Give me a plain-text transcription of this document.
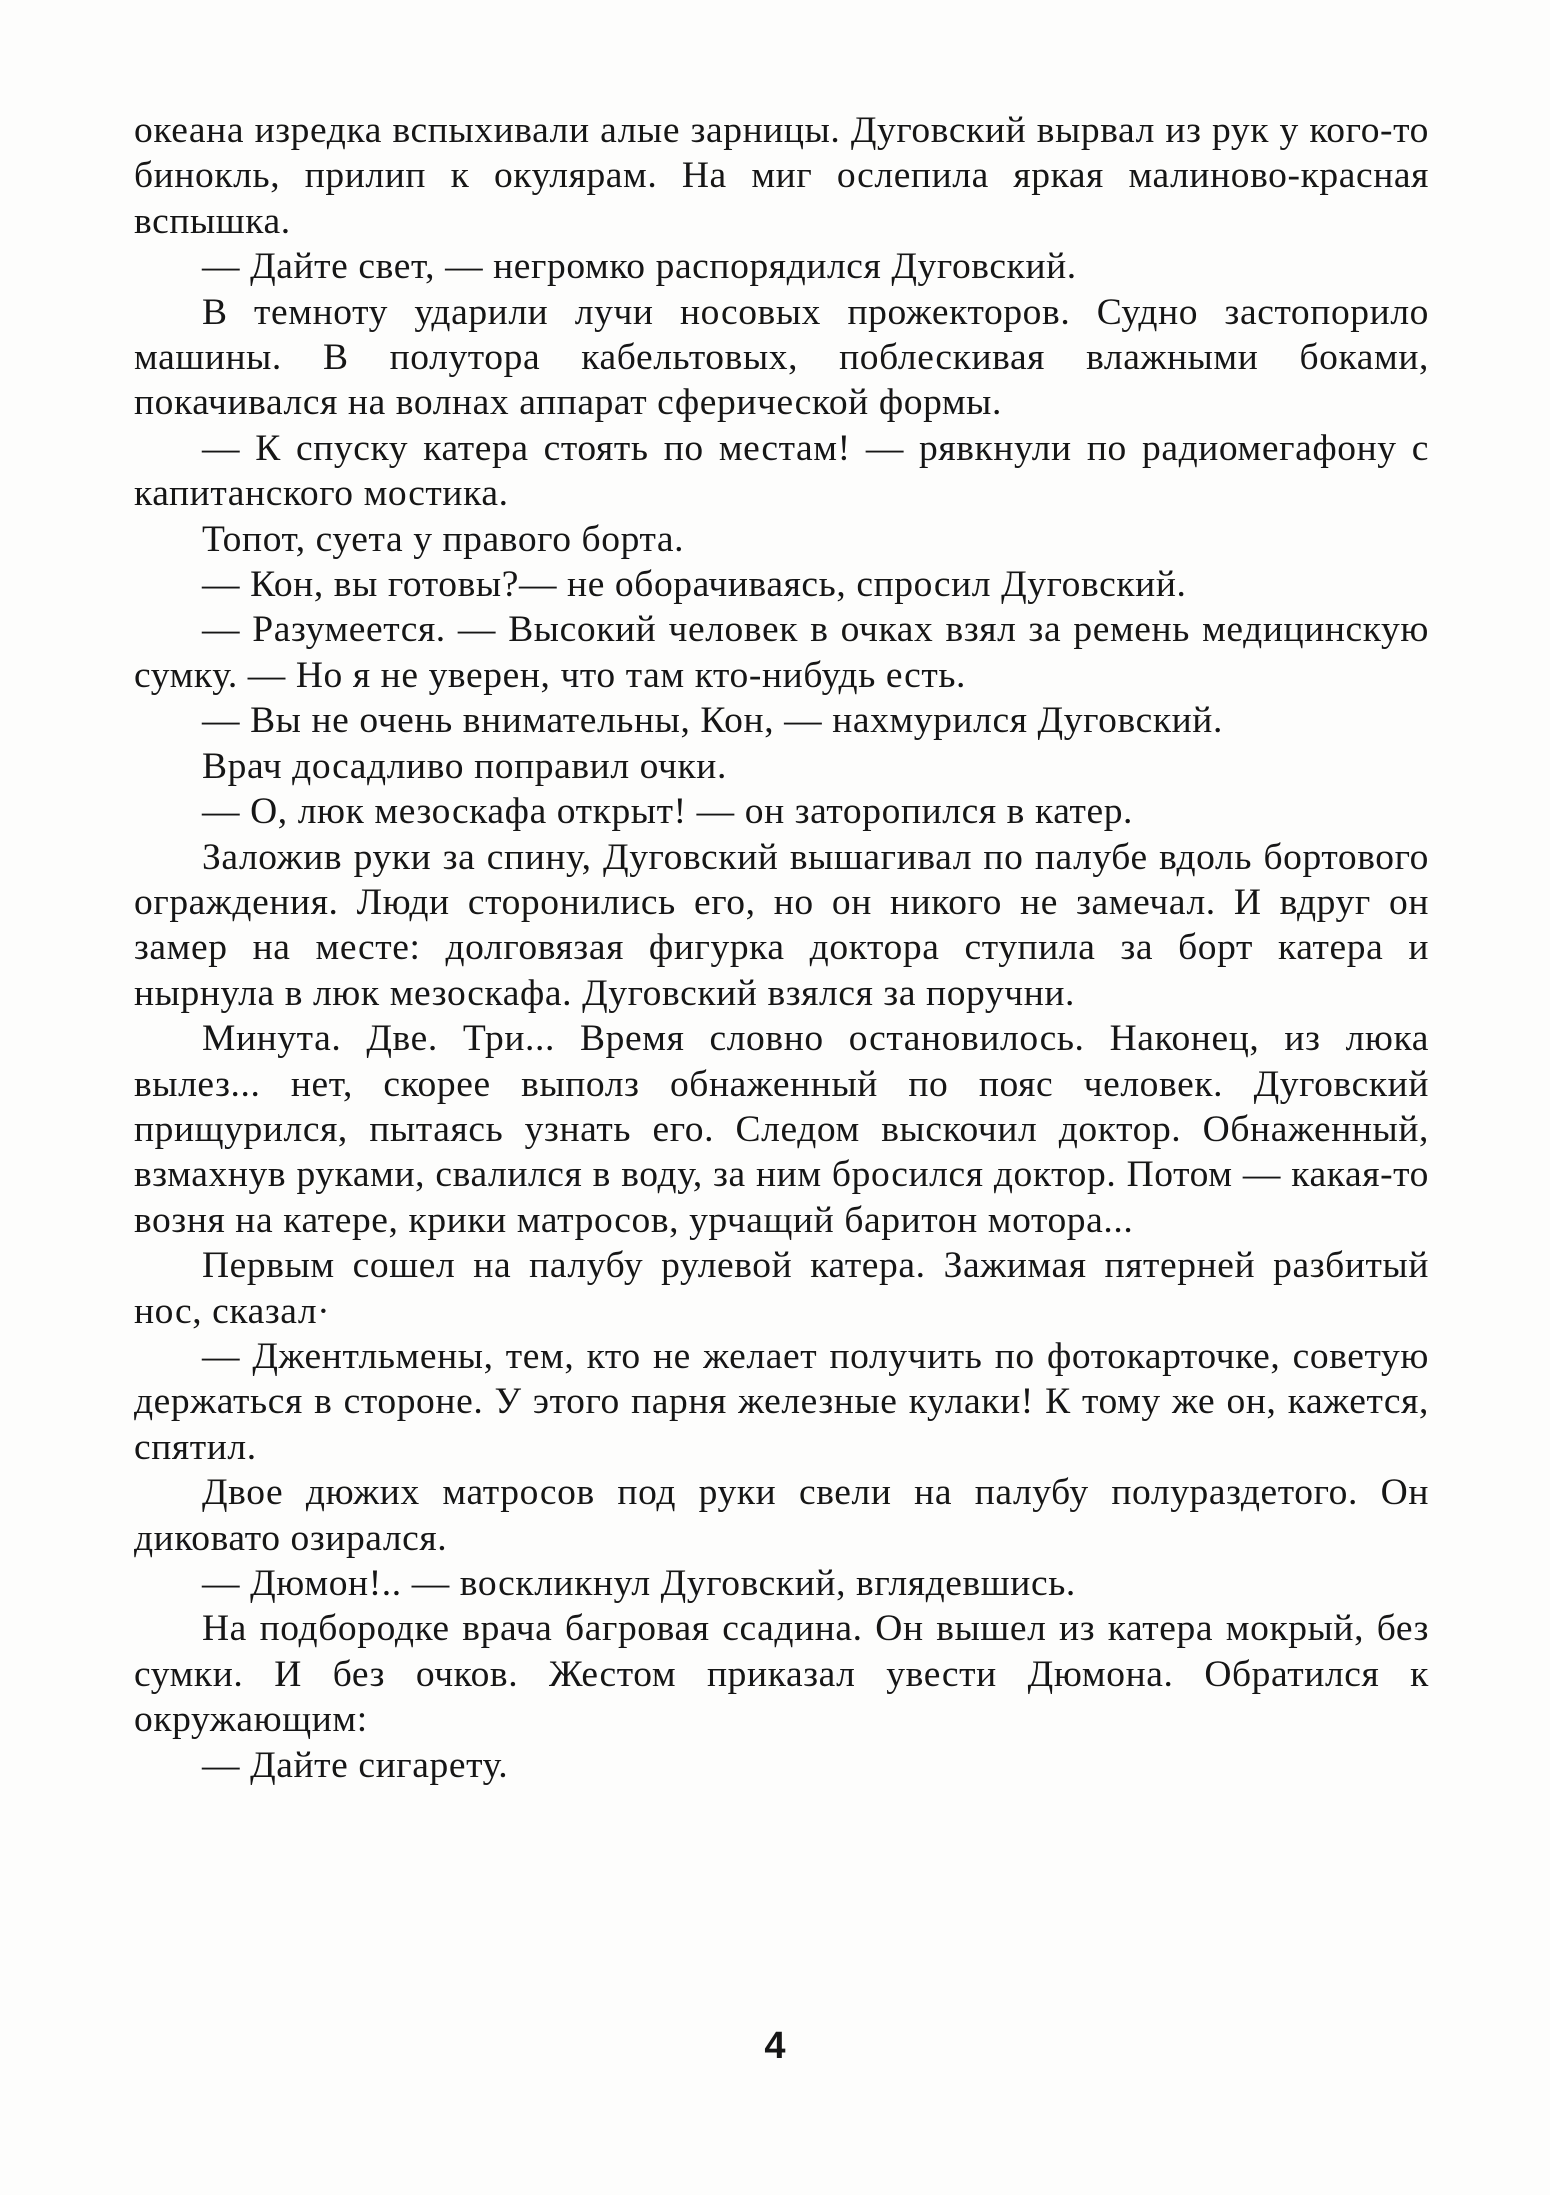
океана изредка вспыхивали алые зарницы. Дуговский вырвал из рук у кого-то бинокль, прилип к окулярам. На миг ослепила яркая малиново-красная вспышка.

— Дайте свет, — негромко распорядился Дуговский.

В темноту ударили лучи носовых прожекторов. Судно застопорило машины. В полутора кабельтовых, поблескивая влажными боками, покачивался на волнах аппарат сферической формы.

— К спуску катера стоять по местам! — рявкнули по радиомегафону с капитанского мостика.

Топот, суета у правого борта.

— Кон, вы готовы?— не оборачиваясь, спросил Дуговский.

— Разумеется. — Высокий человек в очках взял за ремень медицинскую сумку. — Но я не уверен, что там кто-нибудь есть.

— Вы не очень внимательны, Кон, — нахмурился Дуговский.

Врач досадливо поправил очки.

— О, люк мезоскафа открыт! — он заторопился в катер.

Заложив руки за спину, Дуговский вышагивал по палубе вдоль бортового ограждения. Люди сторонились его, но он никого не замечал. И вдруг он замер на месте: долговязая фигурка доктора ступила за борт катера и нырнула в люк мезоскафа. Дуговский взялся за поручни.

Минута. Две. Три... Время словно остановилось. Наконец, из люка вылез... нет, скорее выполз обнаженный по пояс человек. Дуговский прищурился, пытаясь узнать его. Следом выскочил доктор. Обнаженный, взмахнув руками, свалился в воду, за ним бросился доктор. Потом — какая-то возня на катере, крики матросов, урчащий баритон мотора...

Первым сошел на палубу рулевой катера. Зажимая пятерней разбитый нос, сказал·

— Джентльмены, тем, кто не желает получить по фотокарточке, советую держаться в стороне. У этого парня железные кулаки! К тому же он, кажется, спятил.

Двое дюжих матросов под руки свели на палубу полураздетого. Он диковато озирался.

— Дюмон!.. — воскликнул Дуговский, вглядевшись.

На подбородке врача багровая ссадина. Он вышел из катера мокрый, без сумки. И без очков. Жестом приказал увести Дюмона. Обратился к окружающим:

— Дайте сигарету.

4
